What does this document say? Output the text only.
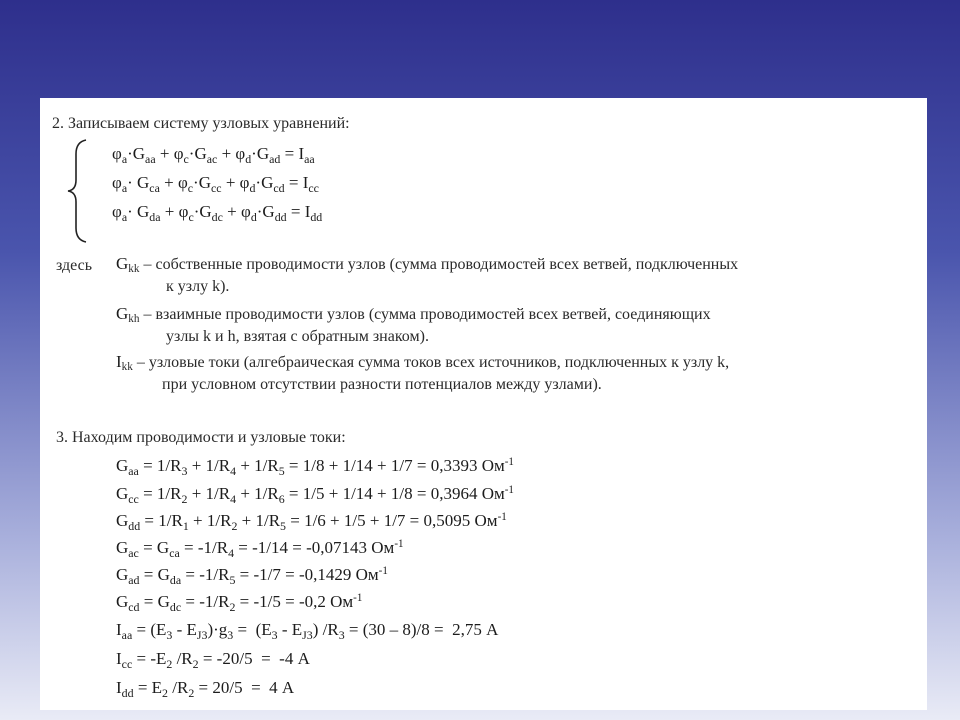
2. Записываем систему узловых уравнений:
$\varphi_a\cdot G_{aa} + \varphi_c\cdot G_{ac} + \varphi_d\cdot G_{ad} = I_{aa}$
$\varphi_a\cdot G_{ca} + \varphi_c\cdot G_{cc} + \varphi_d\cdot G_{cd} = I_{cc}$
$\varphi_a\cdot G_{da} + \varphi_c\cdot G_{dc} + \varphi_d\cdot G_{dd} = I_{dd}$
здесь $G_{kk}$ – собственные проводимости узлов (сумма проводимостей всех ветвей, подключенных
к узлу k).
$G_{kh}$ – взаимные проводимости узлов (сумма проводимостей всех ветвей, соединяющих
узлы k и h, взятая с обратным знаком).
$I_{kk}$ – узловые токи (алгебраическая сумма токов всех источников, подключенных к узлу k,
при условном отсутствии разности потенциалов между узлами).
3. Находим проводимости и узловые токи:
$G_{aa} = 1/R_3 + 1/R_4 + 1/R_5 = 1/8 + 1/14 + 1/7 = 0,3393$ $Ом^{-1}$
$G_{cc} = 1/R_2 + 1/R_4 + 1/R_6 = 1/5 + 1/14 + 1/8 = 0,3964$ $Ом^{-1}$
$G_{dd} = 1/R_1 + 1/R_2 + 1/R_5 = 1/6 + 1/5 + 1/7 = 0,5095$ $Ом^{-1}$
$G_{ac} = G_{ca} = -1/R_4 = -1/14 = -0,07143$ $Ом^{-1}$
$G_{ad} = G_{da} = -1/R_5 = -1/7 = -0,1429$ $Ом^{-1}$
$G_{cd} = G_{dc} = -1/R_2 = -1/5 = -0,2$ $Ом^{-1}$
$I_{aa} = (E_3 - E_{J3})\cdot g_3 = (E_3 - E_{J3}) /R_3 = (30 - 8)/8 = 2,75$ А
$I_{cc} = -E_2$ $/R_2 = -20/5 = -4$ А
$I_{dd} = E_2$ $/R_2 = 20/5 = 4$ А
